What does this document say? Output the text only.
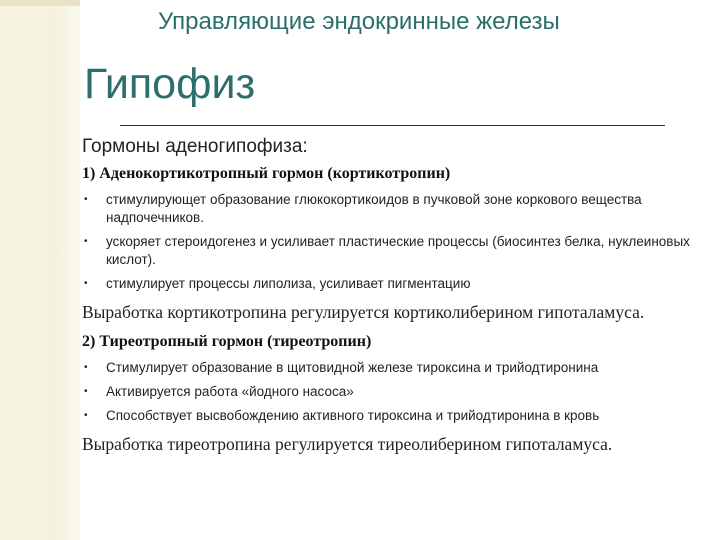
Управляющие эндокринные железы
Гипофиз
Гормоны аденогипофиза:
1) Аденокортикотропный гормон (кортикотропин)
• стимулирующет образование глюкокортикоидов в пучковой зоне коркового вещества надпочечников.
• ускоряет стероидогенез и усиливает пластические процессы (биосинтез белка, нуклеиновых кислот).
• стимулирует процессы липолиза, усиливает пигментацию
Выработка кортикотропина регулируется кортиколиберином гипоталамуса.
2) Тиреотропный гормон (тиреотропин)
• Стимулирует образование в щитовидной железе тироксина и трийодтиронина
• Активируется работа «йодного насоса»
• Способствует высвобождению активного тироксина и трийодтиронина в кровь
Выработка тиреотропина регулируется тиреолиберином гипоталамуса.
